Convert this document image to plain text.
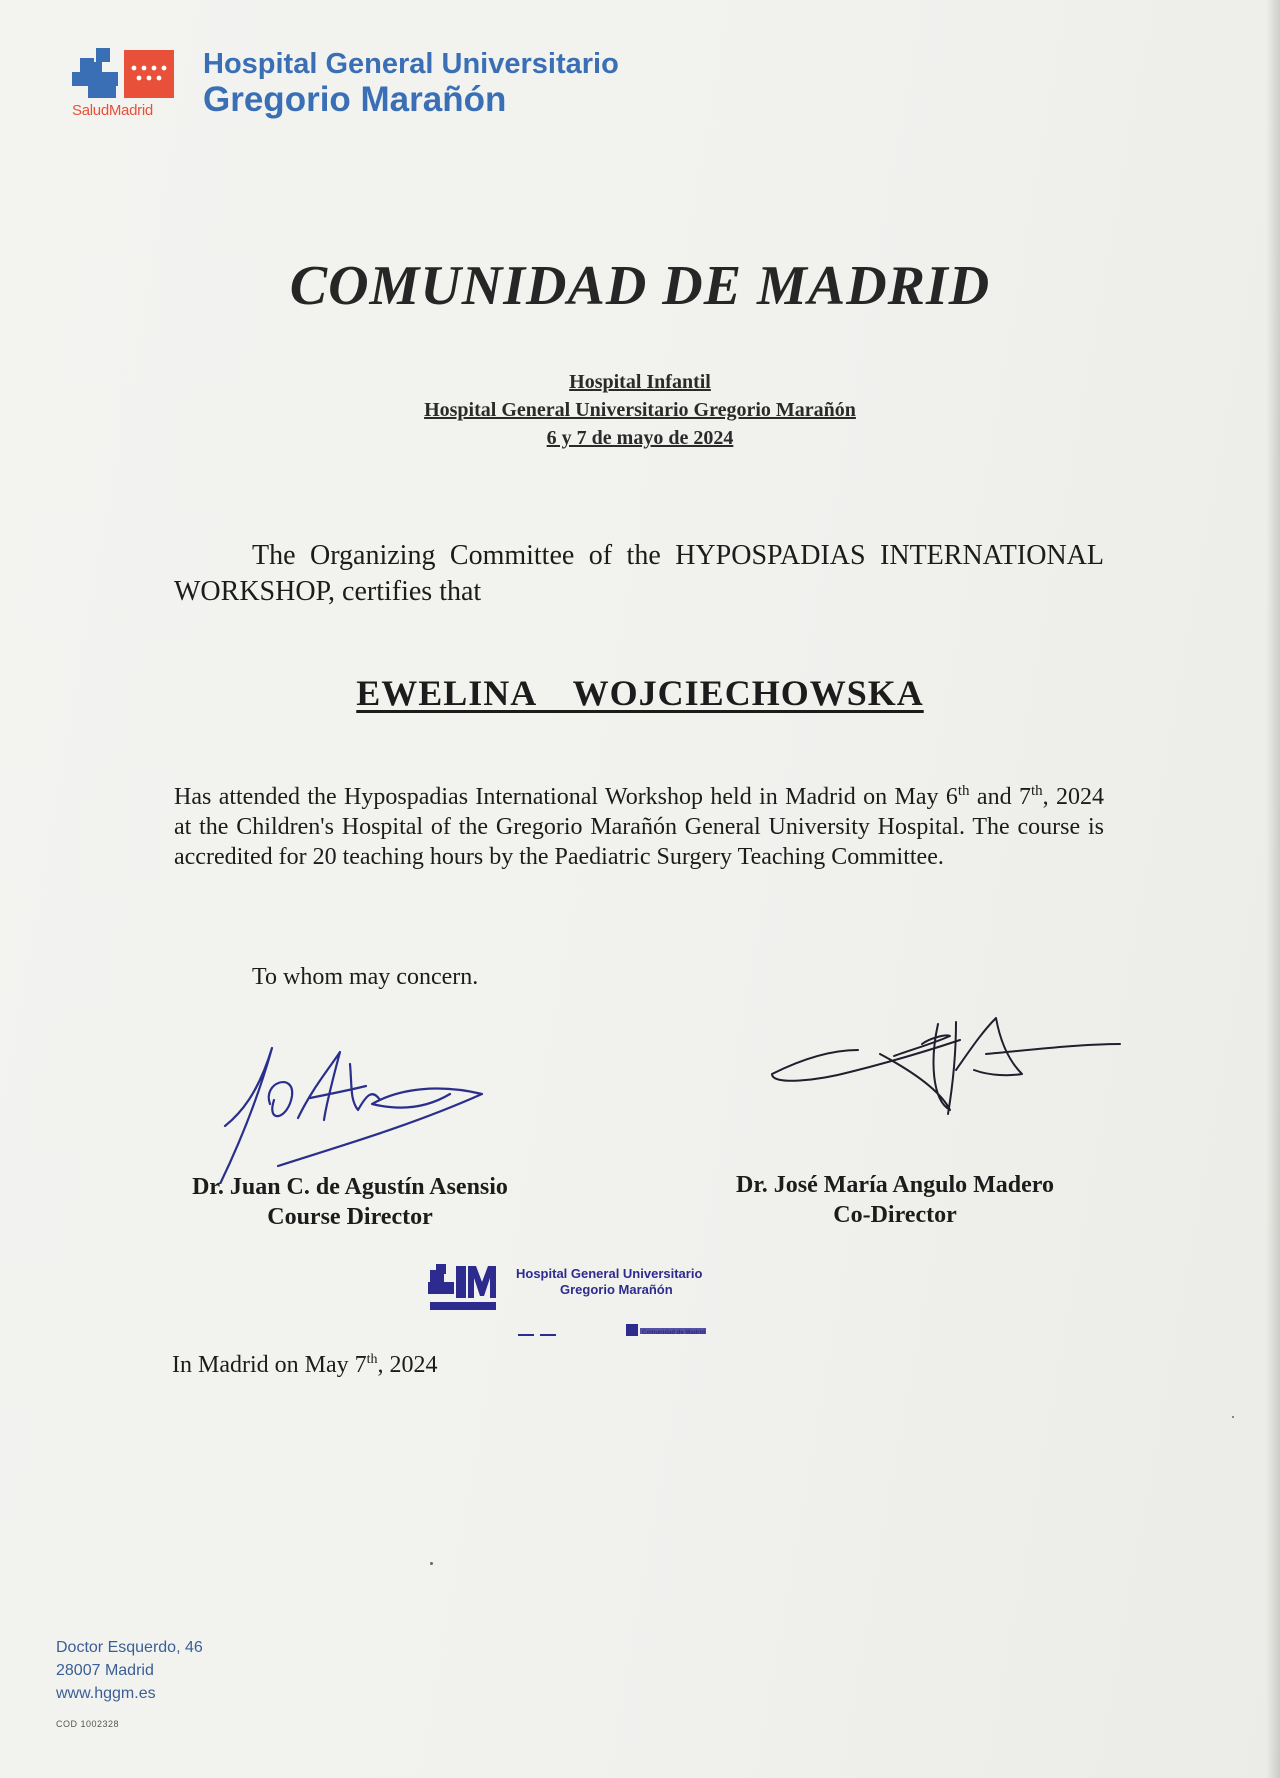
SaludMadrid
Hospital General Universitario
Gregorio Marañón
COMUNIDAD DE MADRID
Hospital Infantil
Hospital General Universitario Gregorio Marañón
6 y 7 de mayo de 2024
The Organizing Committee of the HYPOSPADIAS INTERNATIONAL WORKSHOP, certifies that
EWELINA WOJCIECHOWSKA
Has attended the Hypospadias International Workshop held in Madrid on May 6th and 7th, 2024 at the Children's Hospital of the Gregorio Marañón General University Hospital. The course is accredited for 20 teaching hours by the Paediatric Surgery Teaching Committee.
To whom may concern.
Dr. Juan C. de Agustín Asensio
Course Director
Dr. José María Angulo Madero
Co-Director
Hospital General Universitario
Gregorio Marañón
Comunidad de Madrid
In Madrid on May 7th, 2024
Doctor Esquerdo, 46
28007 Madrid
www.hggm.es
COD 1002328
